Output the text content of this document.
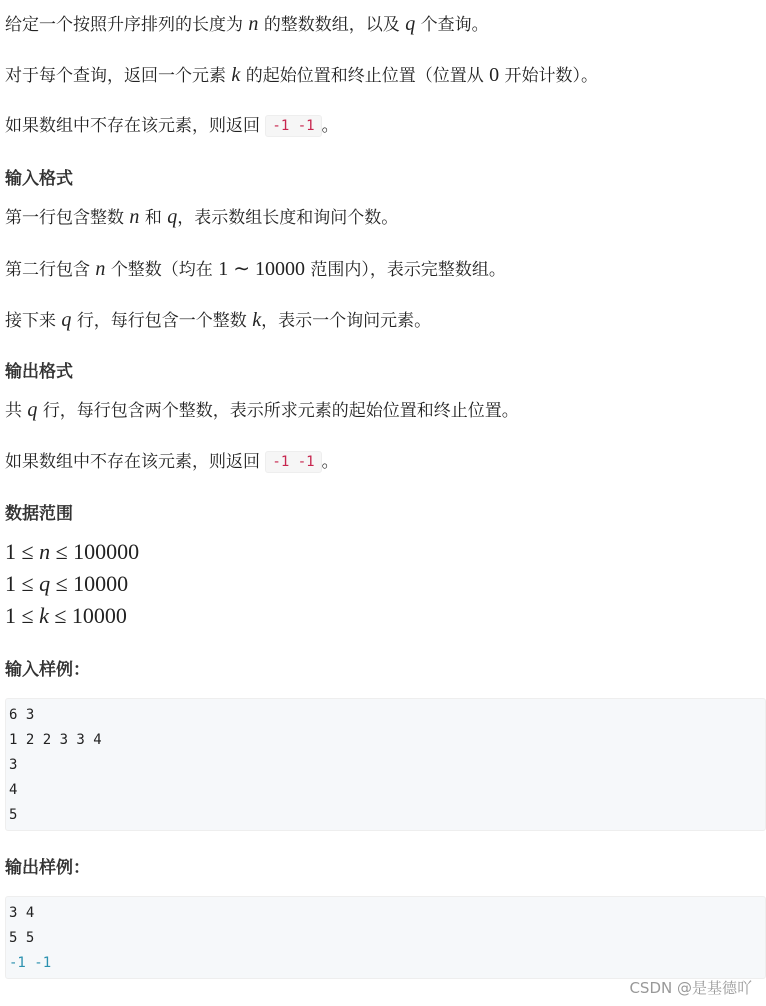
给定一个按照升序排列的长度为 n 的整数数组，以及 q 个查询。
对于每个查询，返回一个元素 k 的起始位置和终止位置（位置从 0 开始计数）。
如果数组中不存在该元素，则返回 -1 -1 。
输入格式
第一行包含整数 n 和 q，表示数组长度和询问个数。
第二行包含 n 个整数（均在 1 ∼ 10000 范围内），表示完整数组。
接下来 q 行，每行包含一个整数 k，表示一个询问元素。
输出格式
共 q 行，每行包含两个整数，表示所求元素的起始位置和终止位置。
如果数组中不存在该元素，则返回 -1 -1 。
数据范围
1 ≤ n ≤ 100000
1 ≤ q ≤ 10000
1 ≤ k ≤ 10000
输入样例：
6 3
1 2 2 3 3 4
3
4
5
输出样例：
3 4
5 5
-1 -1
CSDN @是基德吖
